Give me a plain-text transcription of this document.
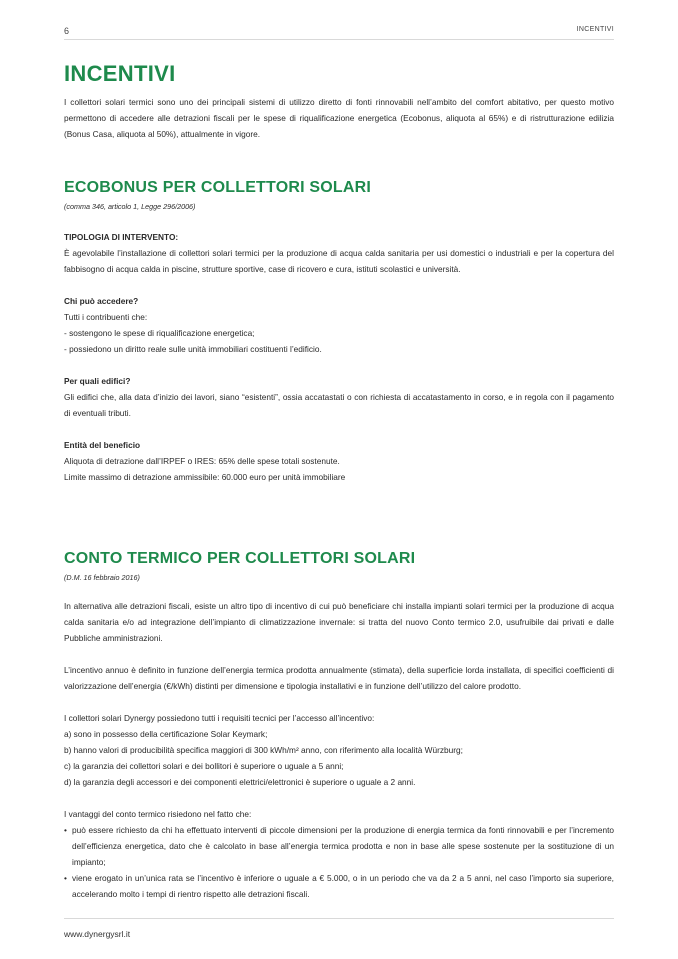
6	INCENTIVI
INCENTIVI

I collettori solari termici sono uno dei principali sistemi di utilizzo diretto di fonti rinnovabili nell’ambito del comfort abitativo, per questo motivo permettono di accedere alle detrazioni fiscali per le spese di riqualificazione energetica (Ecobonus, aliquota al 65%) e di ristrutturazione edilizia (Bonus Casa, aliquota al 50%), attualmente in vigore.

ECOBONUS PER COLLETTORI SOLARI
(comma 346, articolo 1, Legge 296/2006)
TIPOLOGIA DI INTERVENTO:

È agevolabile l’installazione di collettori solari termici per la produzione di acqua calda sanitaria per usi domestici o industriali e per la copertura del fabbisogno di acqua calda in piscine, strutture sportive, case di ricovero e cura, istituti scolastici e università.

Chi può accedere?

Tutti i contribuenti che:

- sostengono le spese di riqualificazione energetica;
- possiedono un diritto reale sulle unità immobiliari costituenti l’edificio.
Per quali edifici?

Gli edifici che, alla data d’inizio dei lavori, siano “esistenti”, ossia accatastati o con richiesta di accatastamento in corso, e in regola con il pagamento di eventuali tributi.

Entità del beneficio

Aliquota di detrazione dall’IRPEF o IRES: 65% delle spese totali sostenute.

Limite massimo di detrazione ammissibile: 60.000 euro per unità immobiliare

CONTO TERMICO PER COLLETTORI SOLARI
(D.M. 16 febbraio 2016)

In alternativa alle detrazioni fiscali, esiste un altro tipo di incentivo di cui può beneficiare chi installa impianti solari termici per la produzione di acqua calda sanitaria e/o ad integrazione dell’impianto di climatizzazione invernale: si tratta del nuovo Conto termico 2.0, usufruibile dai privati e dalle Pubbliche amministrazioni.

L’incentivo annuo è definito in funzione dell’energia termica prodotta annualmente (stimata), della superficie lorda installata, di specifici coefficienti di valorizzazione dell’energia (€/kWh) distinti per dimensione e tipologia installativi e in funzione dell’utilizzo del calore prodotto.

I collettori solari Dynergy possiedono tutti i requisiti tecnici per l’accesso all’incentivo:

a) sono in possesso della certificazione Solar Keymark;
b) hanno valori di producibilità specifica maggiori di 300 kWh/m² anno, con riferimento alla località Würzburg;
c) la garanzia dei collettori solari e dei bollitori è superiore o uguale a 5 anni;
d) la garanzia degli accessori e dei componenti elettrici/elettronici è superiore o uguale a 2 anni.

I vantaggi del conto termico risiedono nel fatto che:

• può essere richiesto da chi ha effettuato interventi di piccole dimensioni per la produzione di energia termica da fonti rinnovabili e per l’incremento dell’efficienza energetica, dato che è calcolato in base all’energia termica prodotta e non in base alle spese sostenute per la sostituzione di un impianto;
• viene erogato in un’unica rata se l’incentivo è inferiore o uguale a € 5.000, o in un periodo che va da 2 a 5 anni, nel caso l’importo sia superiore, accelerando molto i tempi di rientro rispetto alle detrazioni fiscali.
www.dynergysrl.it
